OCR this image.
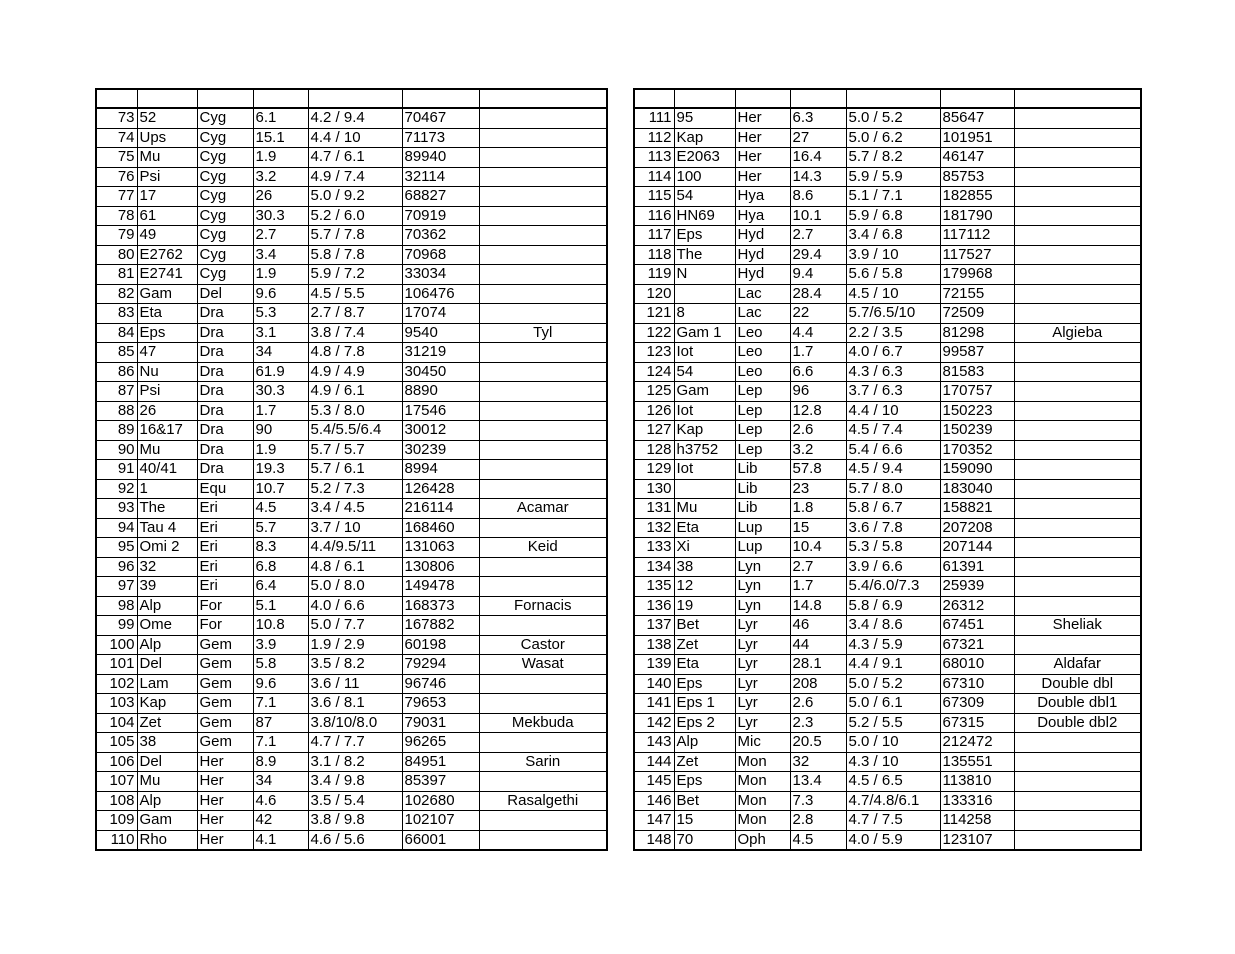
73	52	Cyg	6.1	4.2 / 9.4	70467	
74	Ups	Cyg	15.1	4.4 / 10	71173	
75	Mu	Cyg	1.9	4.7 / 6.1	89940	
76	Psi	Cyg	3.2	4.9 / 7.4	32114	
77	17	Cyg	26	5.0 / 9.2	68827	
78	61	Cyg	30.3	5.2 / 6.0	70919	
79	49	Cyg	2.7	5.7 / 7.8	70362	
80	E2762	Cyg	3.4	5.8 / 7.8	70968	
81	E2741	Cyg	1.9	5.9 / 7.2	33034	
82	Gam	Del	9.6	4.5 / 5.5	106476	
83	Eta	Dra	5.3	2.7 / 8.7	17074	
84	Eps	Dra	3.1	3.8 / 7.4	9540	Tyl
85	47	Dra	34	4.8 / 7.8	31219	
86	Nu	Dra	61.9	4.9 / 4.9	30450	
87	Psi	Dra	30.3	4.9 / 6.1	8890	
88	26	Dra	1.7	5.3 / 8.0	17546	
89	16&17	Dra	90	5.4/5.5/6.4	30012	
90	Mu	Dra	1.9	5.7 / 5.7	30239	
91	40/41	Dra	19.3	5.7 / 6.1	8994	
92	1	Equ	10.7	5.2 / 7.3	126428	
93	The	Eri	4.5	3.4 / 4.5	216114	Acamar
94	Tau 4	Eri	5.7	3.7 / 10	168460	
95	Omi 2	Eri	8.3	4.4/9.5/11	131063	Keid
96	32	Eri	6.8	4.8 / 6.1	130806	
97	39	Eri	6.4	5.0 / 8.0	149478	
98	Alp	For	5.1	4.0 / 6.6	168373	Fornacis
99	Ome	For	10.8	5.0 / 7.7	167882	
100	Alp	Gem	3.9	1.9 / 2.9	60198	Castor
101	Del	Gem	5.8	3.5 / 8.2	79294	Wasat
102	Lam	Gem	9.6	3.6 / 11	96746	
103	Kap	Gem	7.1	3.6 / 8.1	79653	
104	Zet	Gem	87	3.8/10/8.0	79031	Mekbuda
105	38	Gem	7.1	4.7 / 7.7	96265	
106	Del	Her	8.9	3.1 / 8.2	84951	Sarin
107	Mu	Her	34	3.4 / 9.8	85397	
108	Alp	Her	4.6	3.5 / 5.4	102680	Rasalgethi
109	Gam	Her	42	3.8 / 9.8	102107	
110	Rho	Her	4.1	4.6 / 5.6	66001	

111	95	Her	6.3	5.0 / 5.2	85647	
112	Kap	Her	27	5.0 / 6.2	101951	
113	E2063	Her	16.4	5.7 / 8.2	46147	
114	100	Her	14.3	5.9 / 5.9	85753	
115	54	Hya	8.6	5.1 / 7.1	182855	
116	HN69	Hya	10.1	5.9 / 6.8	181790	
117	Eps	Hyd	2.7	3.4 / 6.8	117112	
118	The	Hyd	29.4	3.9 / 10	117527	
119	N	Hyd	9.4	5.6 / 5.8	179968	
120		Lac	28.4	4.5 / 10	72155	
121	8	Lac	22	5.7/6.5/10	72509	
122	Gam 1	Leo	4.4	2.2 / 3.5	81298	Algieba
123	Iot	Leo	1.7	4.0 / 6.7	99587	
124	54	Leo	6.6	4.3 / 6.3	81583	
125	Gam	Lep	96	3.7 / 6.3	170757	
126	Iot	Lep	12.8	4.4 / 10	150223	
127	Kap	Lep	2.6	4.5 / 7.4	150239	
128	h3752	Lep	3.2	5.4 / 6.6	170352	
129	Iot	Lib	57.8	4.5 / 9.4	159090	
130		Lib	23	5.7 / 8.0	183040	
131	Mu	Lib	1.8	5.8 / 6.7	158821	
132	Eta	Lup	15	3.6 / 7.8	207208	
133	Xi	Lup	10.4	5.3 / 5.8	207144	
134	38	Lyn	2.7	3.9 / 6.6	61391	
135	12	Lyn	1.7	5.4/6.0/7.3	25939	
136	19	Lyn	14.8	5.8 / 6.9	26312	
137	Bet	Lyr	46	3.4 / 8.6	67451	Sheliak
138	Zet	Lyr	44	4.3 / 5.9	67321	
139	Eta	Lyr	28.1	4.4 / 9.1	68010	Aldafar
140	Eps	Lyr	208	5.0 / 5.2	67310	Double dbl
141	Eps 1	Lyr	2.6	5.0 / 6.1	67309	Double dbl1
142	Eps 2	Lyr	2.3	5.2 / 5.5	67315	Double dbl2
143	Alp	Mic	20.5	5.0 / 10	212472	
144	Zet	Mon	32	4.3 / 10	135551	
145	Eps	Mon	13.4	4.5 / 6.5	113810	
146	Bet	Mon	7.3	4.7/4.8/6.1	133316	
147	15	Mon	2.8	4.7 / 7.5	114258	
148	70	Oph	4.5	4.0 / 5.9	123107	
